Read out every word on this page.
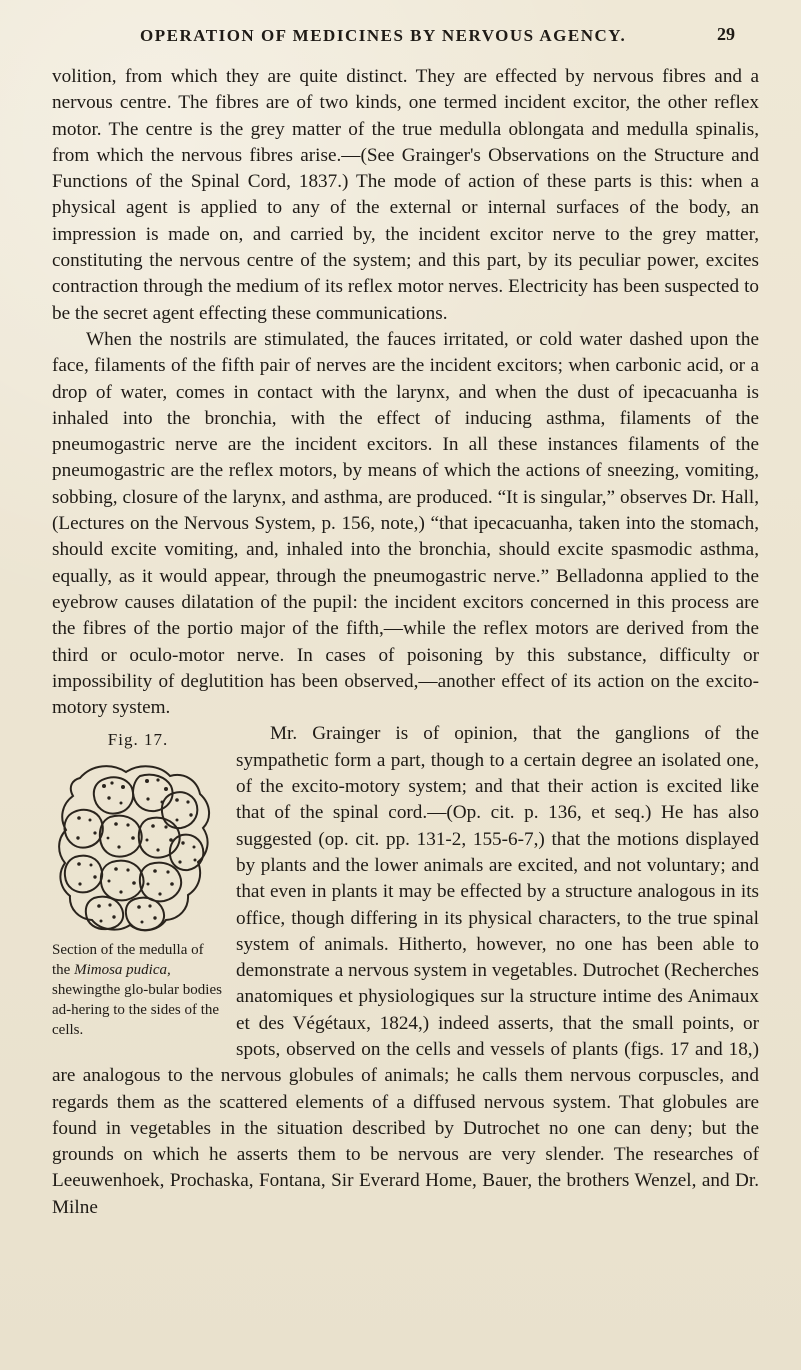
OPERATION OF MEDICINES BY NERVOUS AGENCY.	29

volition, from which they are quite distinct. They are effected by nervous fibres and a nervous centre. The fibres are of two kinds, one termed incident excitor, the other reflex motor. The centre is the grey matter of the true medulla oblongata and medulla spinalis, from which the nervous fibres arise.—(See Grainger's Observations on the Structure and Functions of the Spinal Cord, 1837.) The mode of action of these parts is this: when a physical agent is applied to any of the external or internal surfaces of the body, an impression is made on, and carried by, the incident excitor nerve to the grey matter, constituting the nervous centre of the system; and this part, by its peculiar power, excites contraction through the medium of its reflex motor nerves. Electricity has been suspected to be the secret agent effecting these communications.

When the nostrils are stimulated, the fauces irritated, or cold water dashed upon the face, filaments of the fifth pair of nerves are the incident excitors; when carbonic acid, or a drop of water, comes in contact with the larynx, and when the dust of ipecacuanha is inhaled into the bronchia, with the effect of inducing asthma, filaments of the pneumogastric nerve are the incident excitors. In all these instances filaments of the pneumogastric are the reflex motors, by means of which the actions of sneezing, vomiting, sobbing, closure of the larynx, and asthma, are produced. “It is singular,” observes Dr. Hall, (Lectures on the Nervous System, p. 156, note,) “that ipecacuanha, taken into the stomach, should excite vomiting, and, inhaled into the bronchia, should excite spasmodic asthma, equally, as it would appear, through the pneumogastric nerve.” Belladonna applied to the eyebrow causes dilatation of the pupil: the incident excitors concerned in this process are the fibres of the portio major of the fifth,—while the reflex motors are derived from the third or oculo-motor nerve. In cases of poisoning by this substance, difficulty or impossibility of deglutition has been observed,—another effect of its action on the excito-motory system.

Fig. 17.
Section of the medulla of the Mimosa pudica, shewingthe glo-bular bodies ad-hering to the sides of the cells.

Mr. Grainger is of opinion, that the ganglions of the sympathetic form a part, though to a certain degree an isolated one, of the excito-motory system; and that their action is excited like that of the spinal cord.—(Op. cit. p. 136, et seq.) He has also suggested (op. cit. pp. 131-2, 155-6-7,) that the motions displayed by plants and the lower animals are excited, and not voluntary; and that even in plants it may be effected by a structure analogous in its office, though differing in its physical characters, to the true spinal system of animals. Hitherto, however, no one has been able to demonstrate a nervous system in vegetables. Dutrochet (Recherches anatomiques et physiologiques sur la structure intime des Animaux et des Végétaux, 1824,) indeed asserts, that the small points, or spots, observed on the cells and vessels of plants (figs. 17 and 18,) are analogous to the nervous globules of animals; he calls them nervous corpuscles, and regards them as the scattered elements of a diffused nervous system. That globules are found in vegetables in the situation described by Dutrochet no one can deny; but the grounds on which he asserts them to be nervous are very slender. The researches of Leeuwenhoek, Prochaska, Fontana, Sir Everard Home, Bauer, the brothers Wenzel, and Dr. Milne
